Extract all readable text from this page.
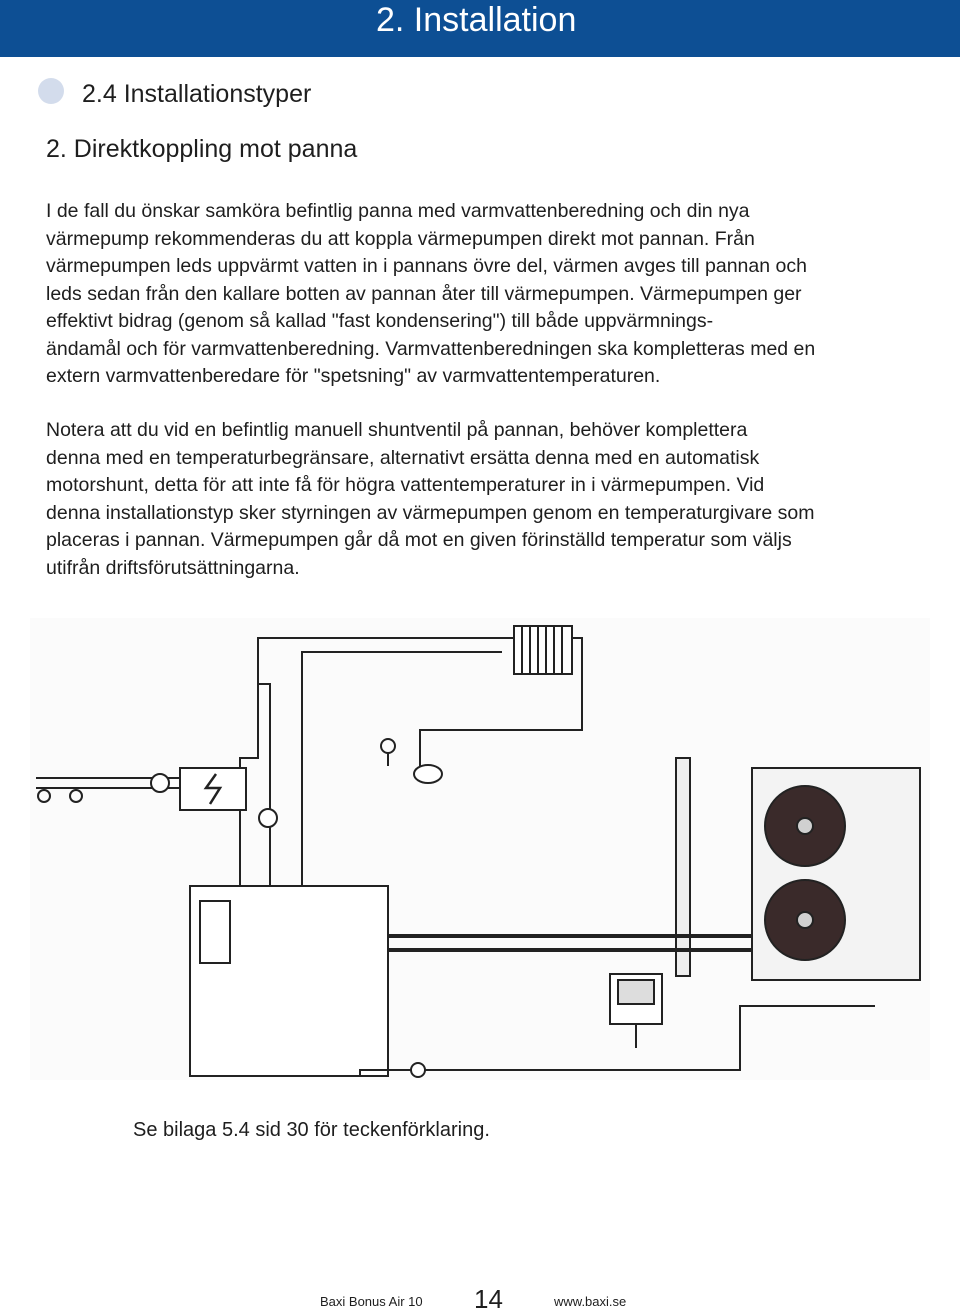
2. Installation
2.4 Installationstyper
2. Direktkoppling mot panna

I de fall du önskar samköra befintlig panna med varmvattenberedning och din nya
värmepump rekommenderas du att koppla värmepumpen direkt mot pannan. Från
värmepumpen leds uppvärmt vatten in i pannans övre del, värmen avges till pannan och
leds sedan från den kallare botten av pannan åter till värmepumpen. Värmepumpen ger
effektivt bidrag (genom så kallad "fast kondensering") till både uppvärmnings-
ändamål och för varmvattenberedning. Varmvattenberedningen ska kompletteras med en
extern varmvattenberedare för "spetsning" av varmvattentemperaturen.

Notera att du vid en befintlig manuell shuntventil på pannan, behöver komplettera
denna med en temperaturbegränsare, alternativt ersätta denna med en automatisk
motorshunt, detta för att inte få för högra vattentemperaturer in i värmepumpen. Vid
denna installationstyp sker styrningen av värmepumpen genom en temperaturgivare som
placeras i pannan. Värmepumpen går då mot en given förinställd temperatur som väljs
utifrån driftsförutsättningarna.

Se bilaga 5.4 sid 30 för teckenförklaring.
Baxi Bonus Air 10 14	www.baxi.se
